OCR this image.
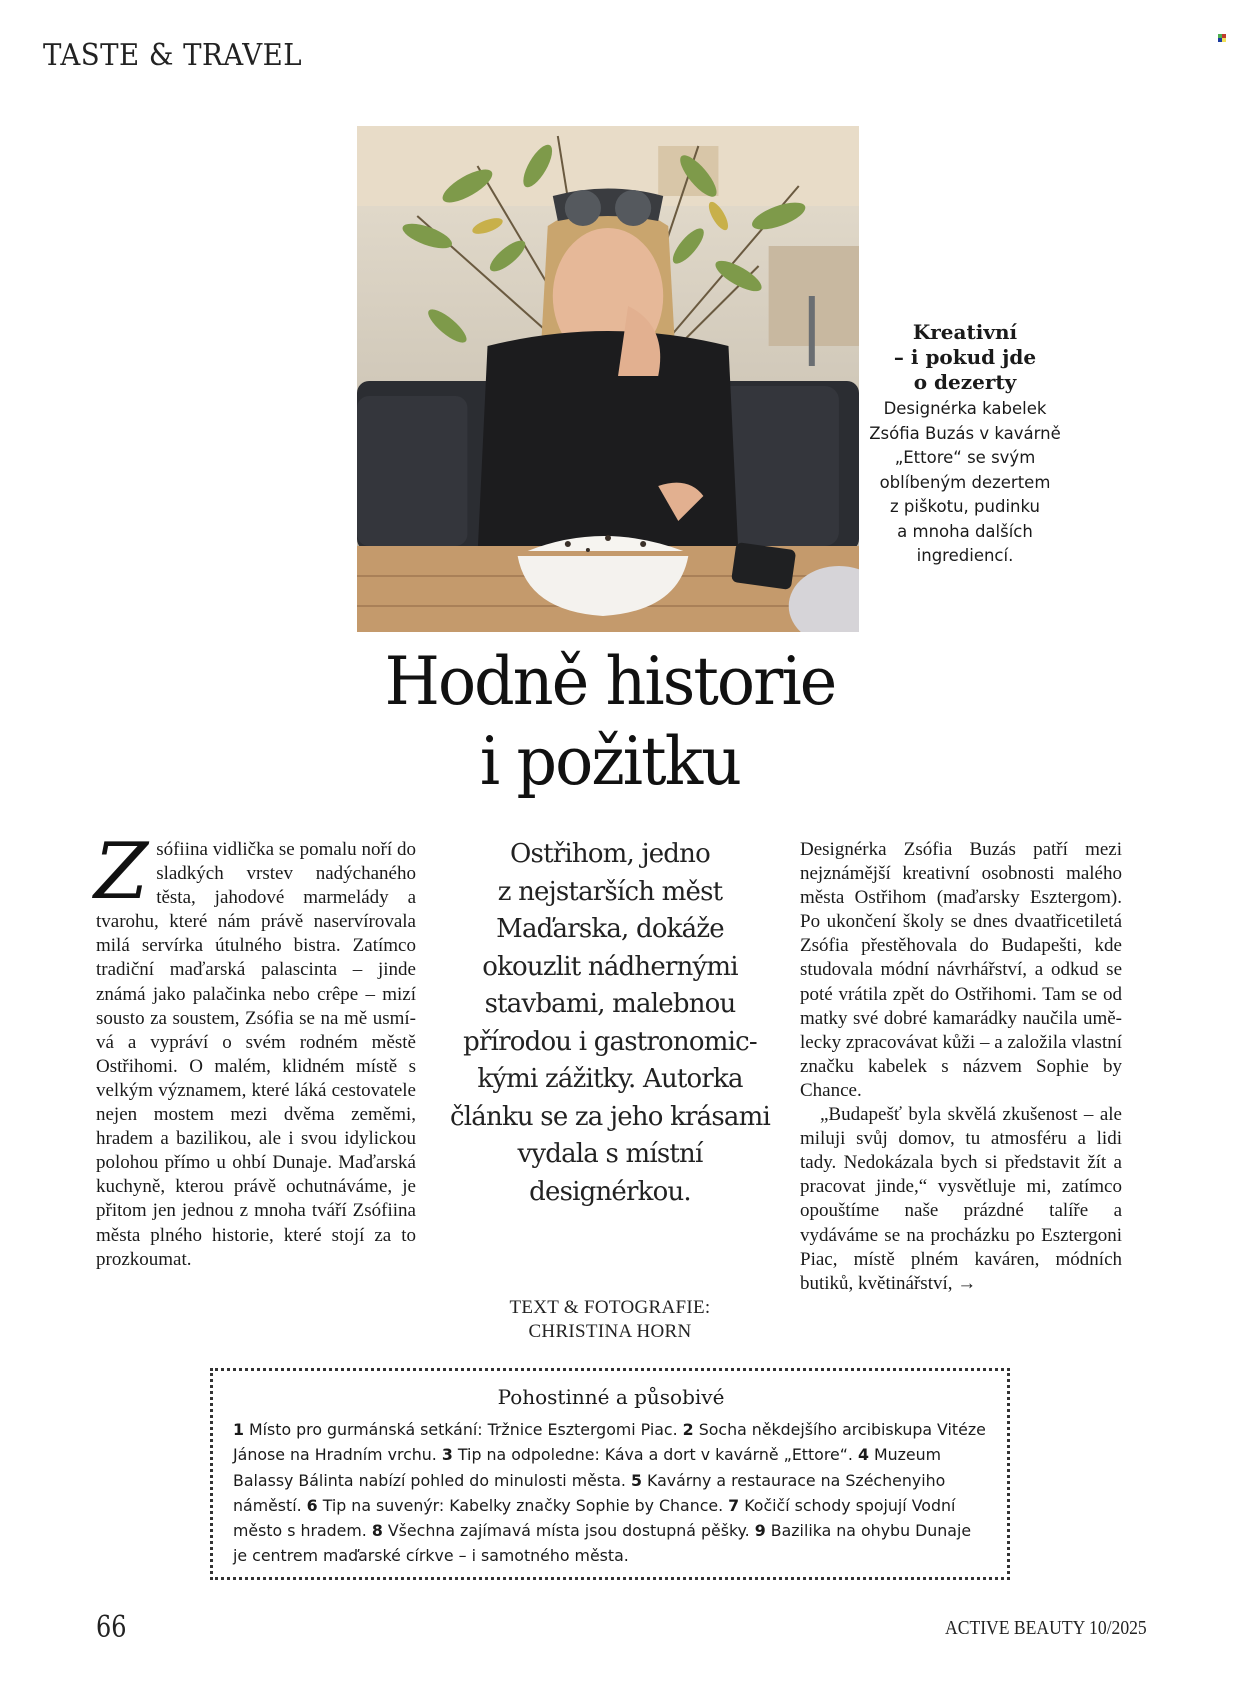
TASTE & TRAVEL
Kreativní
– i pokud jde
o dezerty
Designérka kabelek
Zsófia Buzás v kavárně
„Ettore“ se svým
oblíbeným dezertem
z piškotu, pudinku
a mnoha dalších
ingrediencí.
Hodně historie
i požitku
Zsófiina vidlička se pomalu noří do sladkých vrstev nadýchaného těsta, jahodové marmelády a tvarohu, které nám právě naservírovala milá servírka útulného bistra. Zatímco tradiční maďarská palascinta – jinde známá jako palačinka nebo crêpe – mizí sousto za soustem, Zsófia se na mě usmívá a vypráví o svém rodném městě Ostřihomi. O malém, klidném místě s velkým významem, které láká cestovatele nejen mostem mezi dvěma zeměmi, hradem a bazilikou, ale i svou idylickou polohou přímo u ohbí Dunaje. Maďarská kuchyně, kterou právě ochutnáváme, je přitom jen jednou z mnoha tváří Zsófiina města plného historie, které stojí za to prozkoumat.
Ostřihom, jedno
z nejstarších měst
Maďarska, dokáže
okouzlit nádhernými
stavbami, malebnou
přírodou i gastronomic-
kými zážitky. Autorka
článku se za jeho krásami
vydala s místní
designérkou.
TEXT & FOTOGRAFIE:
CHRISTINA HORN

Designérka Zsófia Buzás patří mezi nejznámější kreativní osobnosti malého města Ostřihom (maďarsky Esztergom). Po ukončení školy se dnes dvaatřicetiletá Zsófia přestěhovala do Budapešti, kde studovala módní návrhářství, a odkud se poté vrátila zpět do Ostřihomi. Tam se od matky své dobré kamarádky naučila umělecky zpracovávat kůži – a založila vlastní značku kabelek s názvem Sophie by Chance.

„Budapešť byla skvělá zkušenost – ale miluji svůj domov, tu atmosféru a lidi tady. Nedokázala bych si představit žít a pracovat jinde,“ vysvětluje mi, zatímco opouštíme naše prázdné talíře a vydáváme se na procházku po Esztergoni Piac, místě plném kaváren, módních butiků, květinářství, →

Pohostinné a působivé
1 Místo pro gurmánská setkání: Tržnice Esztergomi Piac. 2 Socha někdejšího arcibiskupa Vitéze Jánose na Hradním vrchu. 3 Tip na odpoledne: Káva a dort v kavárně „Ettore“. 4 Muzeum Balassy Bálinta nabízí pohled do minulosti města. 5 Kavárny a restaurace na Széchenyiho náměstí. 6 Tip na suvenýr: Kabelky značky Sophie by Chance. 7 Kočičí schody spojují Vodní město s hradem. 8 Všechna zajímavá místa jsou dostupná pěšky. 9 Bazilika na ohybu Dunaje je centrem maďarské církve – i samotného města.
66	ACTIVE BEAUTY 10/2025
